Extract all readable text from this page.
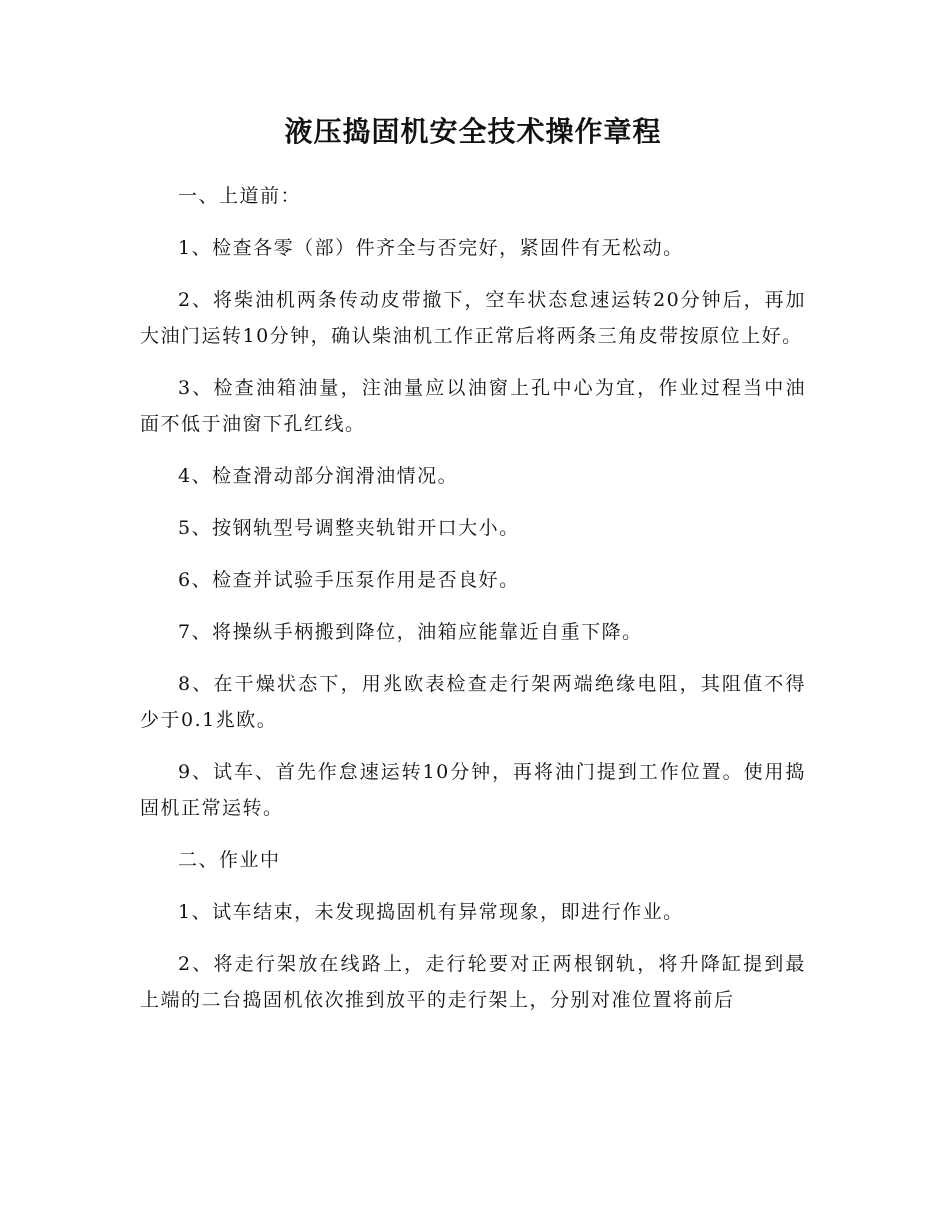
液压捣固机安全技术操作章程

一、上道前：

1、检查各零（部）件齐全与否完好，紧固件有无松动。

2、将柴油机两条传动皮带撤下，空车状态怠速运转20分钟后，再加大油门运转10分钟，确认柴油机工作正常后将两条三角皮带按原位上好。

3、检查油箱油量，注油量应以油窗上孔中心为宜，作业过程当中油面不低于油窗下孔红线。

4、检查滑动部分润滑油情况。

5、按钢轨型号调整夹轨钳开口大小。

6、检查并试验手压泵作用是否良好。

7、将操纵手柄搬到降位，油箱应能靠近自重下降。

8、在干燥状态下，用兆欧表检查走行架两端绝缘电阻，其阻值不得少于0.1兆欧。

9、试车、首先作怠速运转10分钟，再将油门提到工作位置。使用捣固机正常运转。

二、作业中

1、试车结束，未发现捣固机有异常现象，即进行作业。

2、将走行架放在线路上，走行轮要对正两根钢轨，将升降缸提到最上端的二台捣固机依次推到放平的走行架上，分别对准位置将前后
